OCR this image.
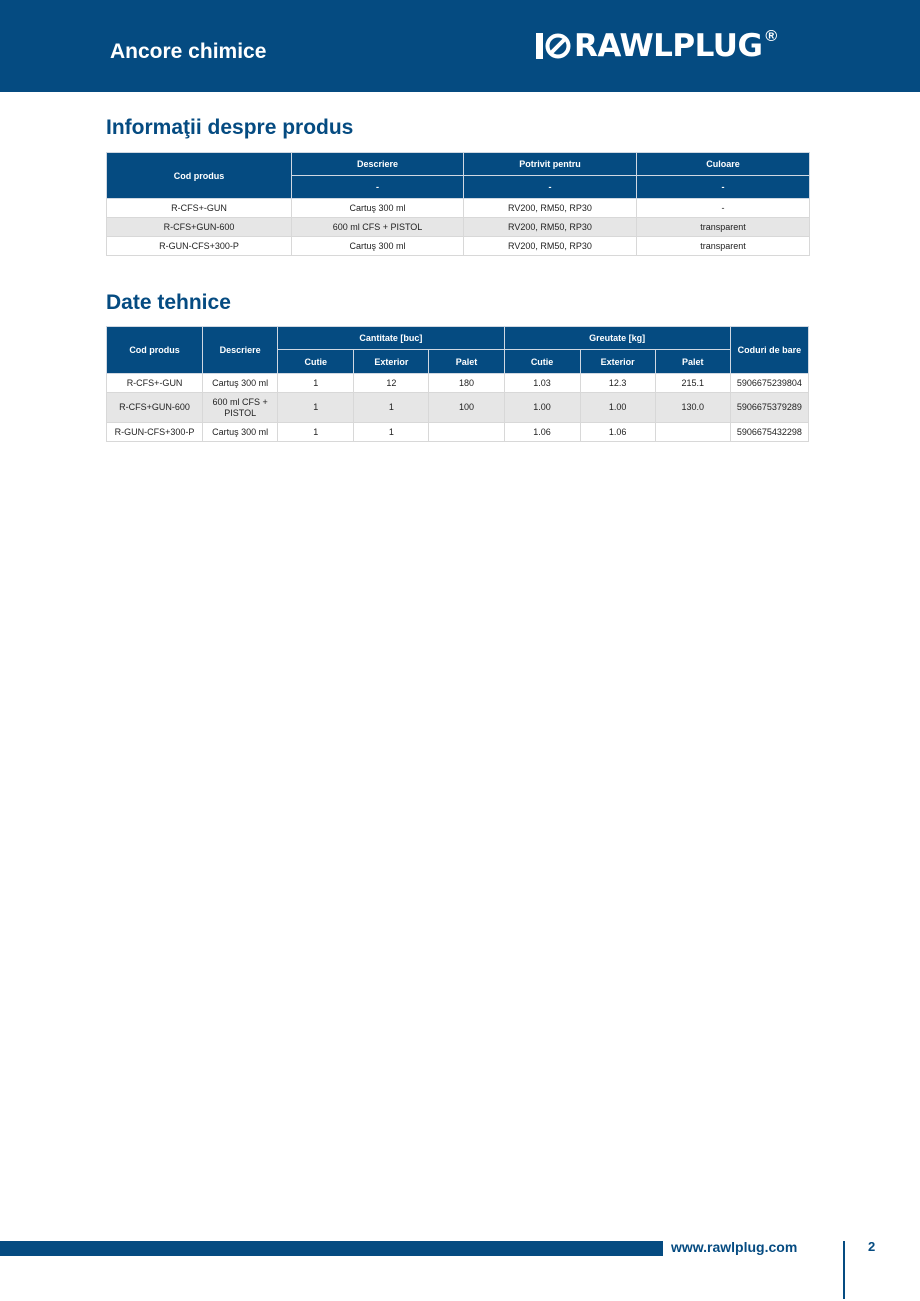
Ancore chimice	RAWLPLUG ®
Informaţii despre produs
Cod produs	Descriere	Potrivit pentru	Culoare
	-	-	-
R-CFS+-GUN	Cartuş 300 ml	RV200, RM50, RP30	-
R-CFS+GUN-600	600 ml CFS + PISTOL	RV200, RM50, RP30	transparent
R-GUN-CFS+300-P	Cartuş 300 ml	RV200, RM50, RP30	transparent
Date tehnice
Cod produs	Descriere	Cantitate [buc]			Greutate [kg]			Coduri de bare
		Cutie	Exterior	Palet	Cutie	Exterior	Palet	
R-CFS+-GUN	Cartuş 300 ml	1	12	180	1.03	12.3	215.1	5906675239804
R-CFS+GUN-600	600 ml CFS + PISTOL	1	1	100	1.00	1.00	130.0	5906675379289
R-GUN-CFS+300-P	Cartuş 300 ml	1	1		1.06	1.06		5906675432298
www.rawlplug.com	2
